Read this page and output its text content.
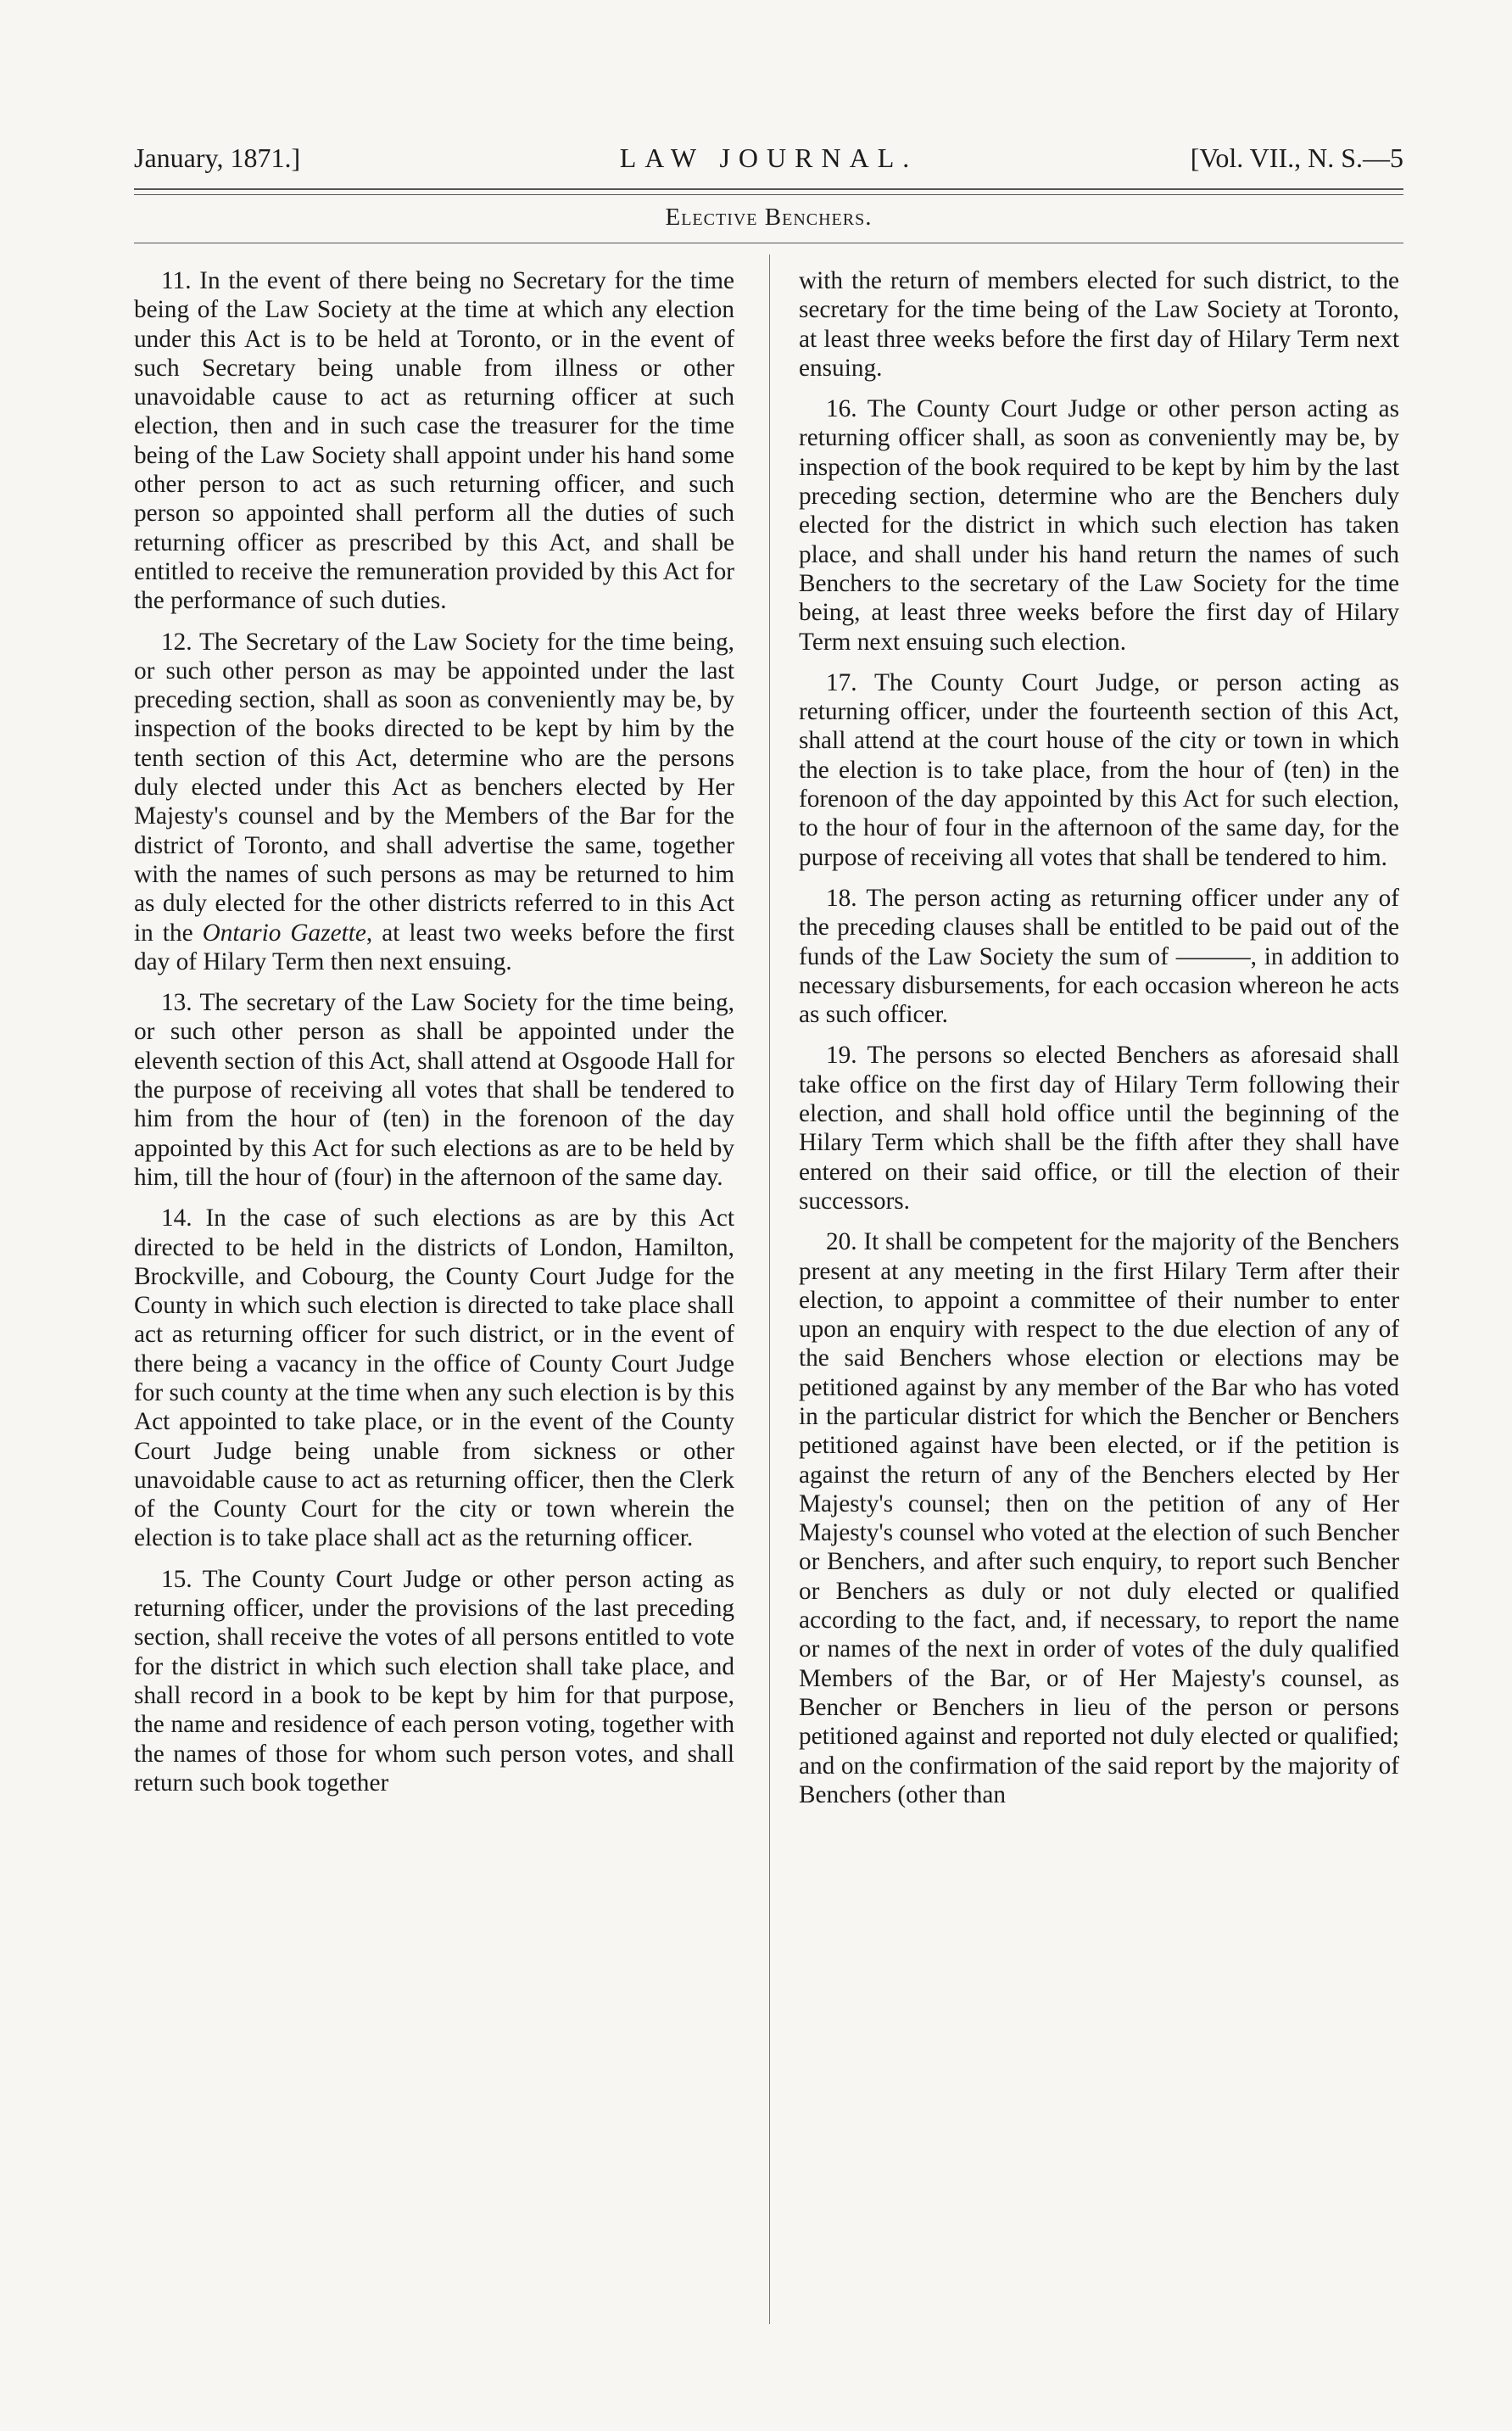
January, 1871.]	LAW JOURNAL.	[Vol. VII., N. S.—5
Elective Benchers.

11. In the event of there being no Secretary for the time being of the Law Society at the time at which any election under this Act is to be held at Toronto, or in the event of such Secretary being unable from illness or other unavoidable cause to act as returning officer at such election, then and in such case the treasurer for the time being of the Law Society shall appoint under his hand some other person to act as such returning officer, and such person so appointed shall perform all the duties of such returning officer as prescribed by this Act, and shall be entitled to receive the remuneration provided by this Act for the performance of such duties.

12. The Secretary of the Law Society for the time being, or such other person as may be appointed under the last preceding section, shall as soon as conveniently may be, by inspection of the books directed to be kept by him by the tenth section of this Act, determine who are the persons duly elected under this Act as benchers elected by Her Majesty's counsel and by the Members of the Bar for the district of Toronto, and shall advertise the same, together with the names of such persons as may be returned to him as duly elected for the other districts referred to in this Act in the Ontario Gazette, at least two weeks before the first day of Hilary Term then next ensuing.

13. The secretary of the Law Society for the time being, or such other person as shall be appointed under the eleventh section of this Act, shall attend at Osgoode Hall for the purpose of receiving all votes that shall be tendered to him from the hour of (ten) in the forenoon of the day appointed by this Act for such elections as are to be held by him, till the hour of (four) in the afternoon of the same day.

14. In the case of such elections as are by this Act directed to be held in the districts of London, Hamilton, Brockville, and Cobourg, the County Court Judge for the County in which such election is directed to take place shall act as returning officer for such district, or in the event of there being a vacancy in the office of County Court Judge for such county at the time when any such election is by this Act appointed to take place, or in the event of the County Court Judge being unable from sickness or other unavoidable cause to act as returning officer, then the Clerk of the County Court for the city or town wherein the election is to take place shall act as the returning officer.

15. The County Court Judge or other person acting as returning officer, under the provisions of the last preceding section, shall receive the votes of all persons entitled to vote for the district in which such election shall take place, and shall record in a book to be kept by him for that purpose, the name and residence of each person voting, together with the names of those for whom such person votes, and shall return such book together

with the return of members elected for such district, to the secretary for the time being of the Law Society at Toronto, at least three weeks before the first day of Hilary Term next ensuing.

16. The County Court Judge or other person acting as returning officer shall, as soon as conveniently may be, by inspection of the book required to be kept by him by the last preceding section, determine who are the Benchers duly elected for the district in which such election has taken place, and shall under his hand return the names of such Benchers to the secretary of the Law Society for the time being, at least three weeks before the first day of Hilary Term next ensuing such election.

17. The County Court Judge, or person acting as returning officer, under the fourteenth section of this Act, shall attend at the court house of the city or town in which the election is to take place, from the hour of (ten) in the forenoon of the day appointed by this Act for such election, to the hour of four in the afternoon of the same day, for the purpose of receiving all votes that shall be tendered to him.

18. The person acting as returning officer under any of the preceding clauses shall be entitled to be paid out of the funds of the Law Society the sum of ———, in addition to necessary disbursements, for each occasion whereon he acts as such officer.

19. The persons so elected Benchers as aforesaid shall take office on the first day of Hilary Term following their election, and shall hold office until the beginning of the Hilary Term which shall be the fifth after they shall have entered on their said office, or till the election of their successors.

20. It shall be competent for the majority of the Benchers present at any meeting in the first Hilary Term after their election, to appoint a committee of their number to enter upon an enquiry with respect to the due election of any of the said Benchers whose election or elections may be petitioned against by any member of the Bar who has voted in the particular district for which the Bencher or Benchers petitioned against have been elected, or if the petition is against the return of any of the Benchers elected by Her Majesty's counsel; then on the petition of any of Her Majesty's counsel who voted at the election of such Bencher or Benchers, and after such enquiry, to report such Bencher or Benchers as duly or not duly elected or qualified according to the fact, and, if necessary, to report the name or names of the next in order of votes of the duly qualified Members of the Bar, or of Her Majesty's counsel, as Bencher or Benchers in lieu of the person or persons petitioned against and reported not duly elected or qualified; and on the confirmation of the said report by the majority of Benchers (other than
